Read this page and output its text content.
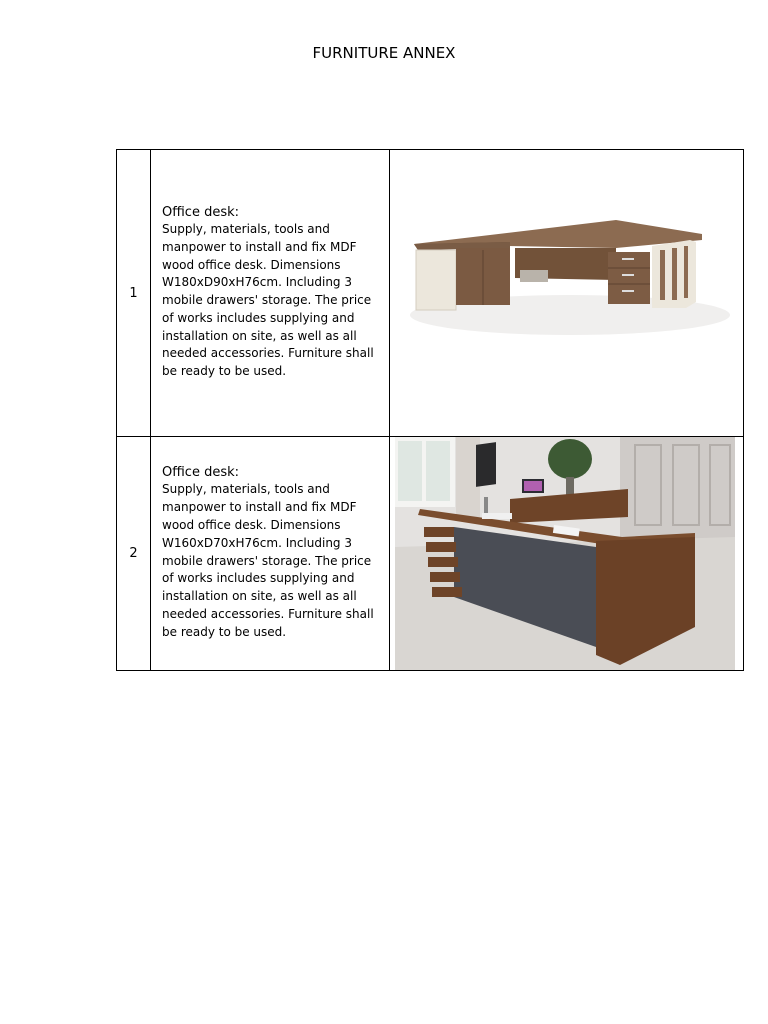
FURNITURE ANNEX
1	Office desk:
Supply, materials, tools and manpower to install and fix MDF wood office desk. Dimensions W180xD90xH76cm. Including 3 mobile drawers' storage. The price of works includes supplying and installation on site, as well as all needed accessories. Furniture shall be ready to be used.

2	Office desk:
Supply, materials, tools and manpower to install and fix MDF wood office desk. Dimensions W160xD70xH76cm. Including 3 mobile drawers' storage. The price of works includes supplying and installation on site, as well as all needed accessories. Furniture shall be ready to be used.
